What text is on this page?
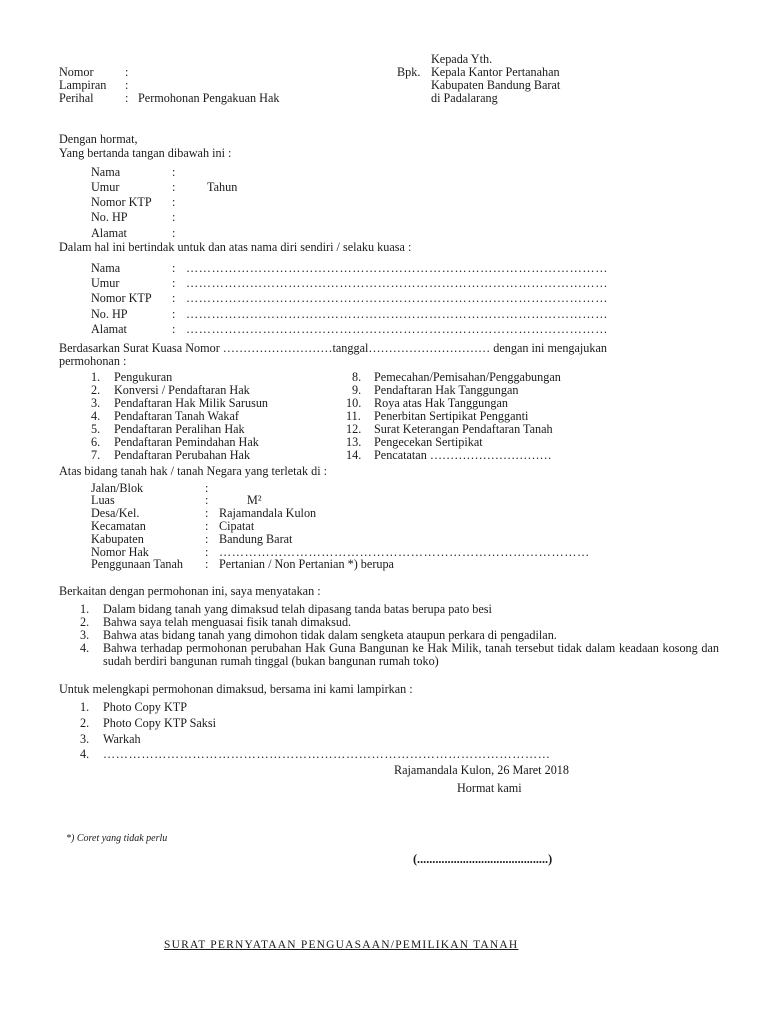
Kepada Yth.
Bpk. Kepala Kantor Pertanahan
Kabupaten Bandung Barat
di Padalarang
Nomor	:
Lampiran :
Perihal	: Permohonan Pengakuan Hak
Dengan hormat,
Yang bertanda tangan dibawah ini :
Nama	:
Umur	:	Tahun
Nomor KTP :
No. HP	:
Alamat	:
Dalam hal ini bertindak untuk dan atas nama diri sendiri / selaku kuasa :
Nama	: ………………………………………………………………………………………
Umur	: ………………………………………………………………………………………
Nomor KTP : ………………………………………………………………………………………
No. HP	: ………………………………………………………………………………………
Alamat	: ………………………………………………………………………………………
Berdasarkan Surat Kuasa Nomor ………………………tanggal………………………… dengan ini mengajukan
permohonan :
1. Pengukuran
2. Konversi / Pendaftaran Hak
3. Pendaftaran Hak Milik Sarusun
4. Pendaftaran Tanah Wakaf
5. Pendaftaran Peralihan Hak
6. Pendaftaran Pemindahan Hak
7. Pendaftaran Perubahan Hak
8. Pemecahan/Pemisahan/Penggabungan
9. Pendaftaran Hak Tanggungan
10. Roya atas Hak Tanggungan
11. Penerbitan Sertipikat Pengganti
12. Surat Keterangan Pendaftaran Tanah
13. Pengecekan Sertipikat
14. Pencatatan …………………………
Atas bidang tanah hak / tanah Negara yang terletak di :
Jalan/Blok	:
Luas	:	M²
Desa/Kel.	: Rajamandala Kulon
Kecamatan	: Cipatat
Kabupaten	: Bandung Barat
Nomor Hak	: ……………………………………………………………………………
Penggunaan Tanah : Pertanian / Non Pertanian *) berupa
Berkaitan dengan permohonan ini, saya menyatakan :
1. Dalam bidang tanah yang dimaksud telah dipasang tanda batas berupa pato besi
2. Bahwa saya telah menguasai fisik tanah dimaksud.
3. Bahwa atas bidang tanah yang dimohon tidak dalam sengketa ataupun perkara di pengadilan.
4. Bahwa terhadap permohonan perubahan Hak Guna Bangunan ke Hak Milik, tanah tersebut tidak dalam keadaan kosong dan sudah berdiri bangunan rumah tinggal (bukan bangunan rumah toko)
Untuk melengkapi permohonan dimaksud, bersama ini kami lampirkan :
1. Photo Copy KTP
2. Photo Copy KTP Saksi
3. Warkah
4. ……………………………………………………………………………………………
Rajamandala Kulon, 26 Maret 2018
Hormat kami
*) Coret yang tidak perlu
(...........................................)
SURAT PERNYATAAN PENGUASAAN/PEMILIKAN TANAH
